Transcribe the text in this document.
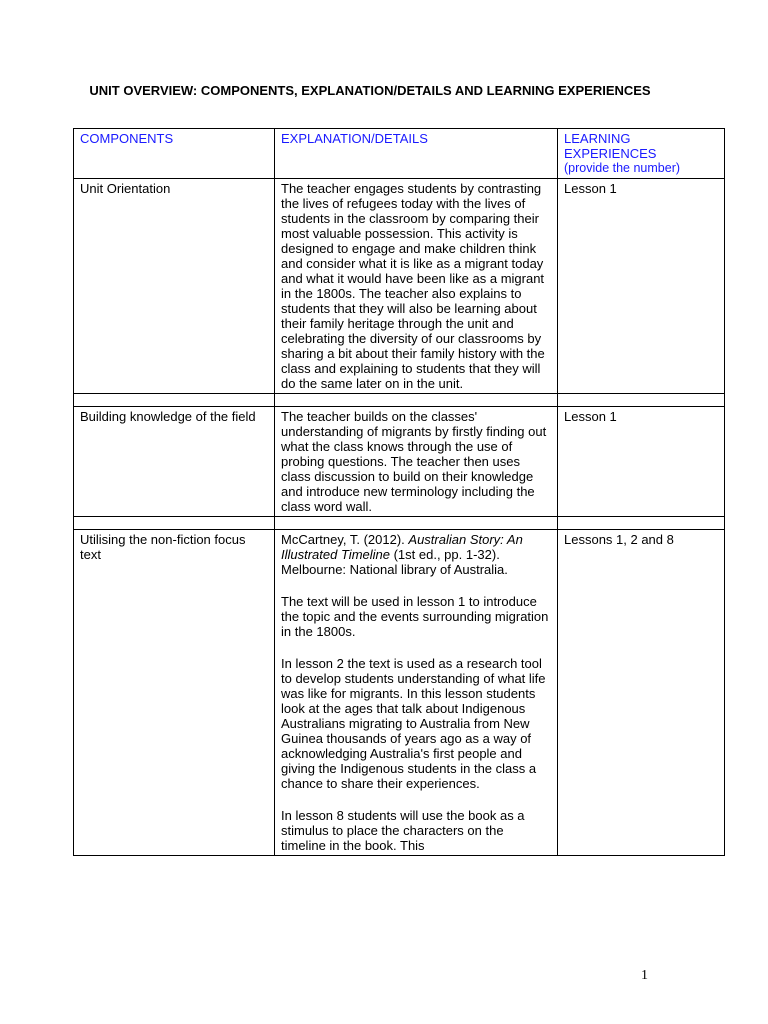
UNIT OVERVIEW: COMPONENTS, EXPLANATION/DETAILS AND LEARNING EXPERIENCES
COMPONENTS	EXPLANATION/DETAILS	LEARNING EXPERIENCES
(provide the number)

Unit Orientation	The teacher engages students by contrasting the lives of refugees today with the lives of students in the classroom by comparing their most valuable possession. This activity is designed to engage and make children think and consider what it is like as a migrant today and what it would have been like as a migrant in the 1800s. The teacher also explains to students that they will also be learning about their family heritage through the unit and celebrating the diversity of our classrooms by sharing a bit about their family history with the class and explaining to students that they will do the same later on in the unit.	Lesson 1

Building knowledge of the field	The teacher builds on the classes' understanding of migrants by firstly finding out what the class knows through the use of probing questions. The teacher then uses class discussion to build on their knowledge and introduce new terminology including the class word wall.	Lesson 1

Utilising the non-fiction focus text	McCartney, T. (2012). Australian Story: An Illustrated Timeline (1st ed., pp. 1-32). Melbourne: National library of Australia.

The text will be used in lesson 1 to introduce the topic and the events surrounding migration in the 1800s.

In lesson 2 the text is used as a research tool to develop students understanding of what life was like for migrants. In this lesson students look at the ages that talk about Indigenous Australians migrating to Australia from New Guinea thousands of years ago as a way of acknowledging Australia's first people and giving the Indigenous students in the class a chance to share their experiences.

In lesson 8 students will use the book as a stimulus to place the characters on the timeline in the book. This	Lessons 1, 2 and 8
1
